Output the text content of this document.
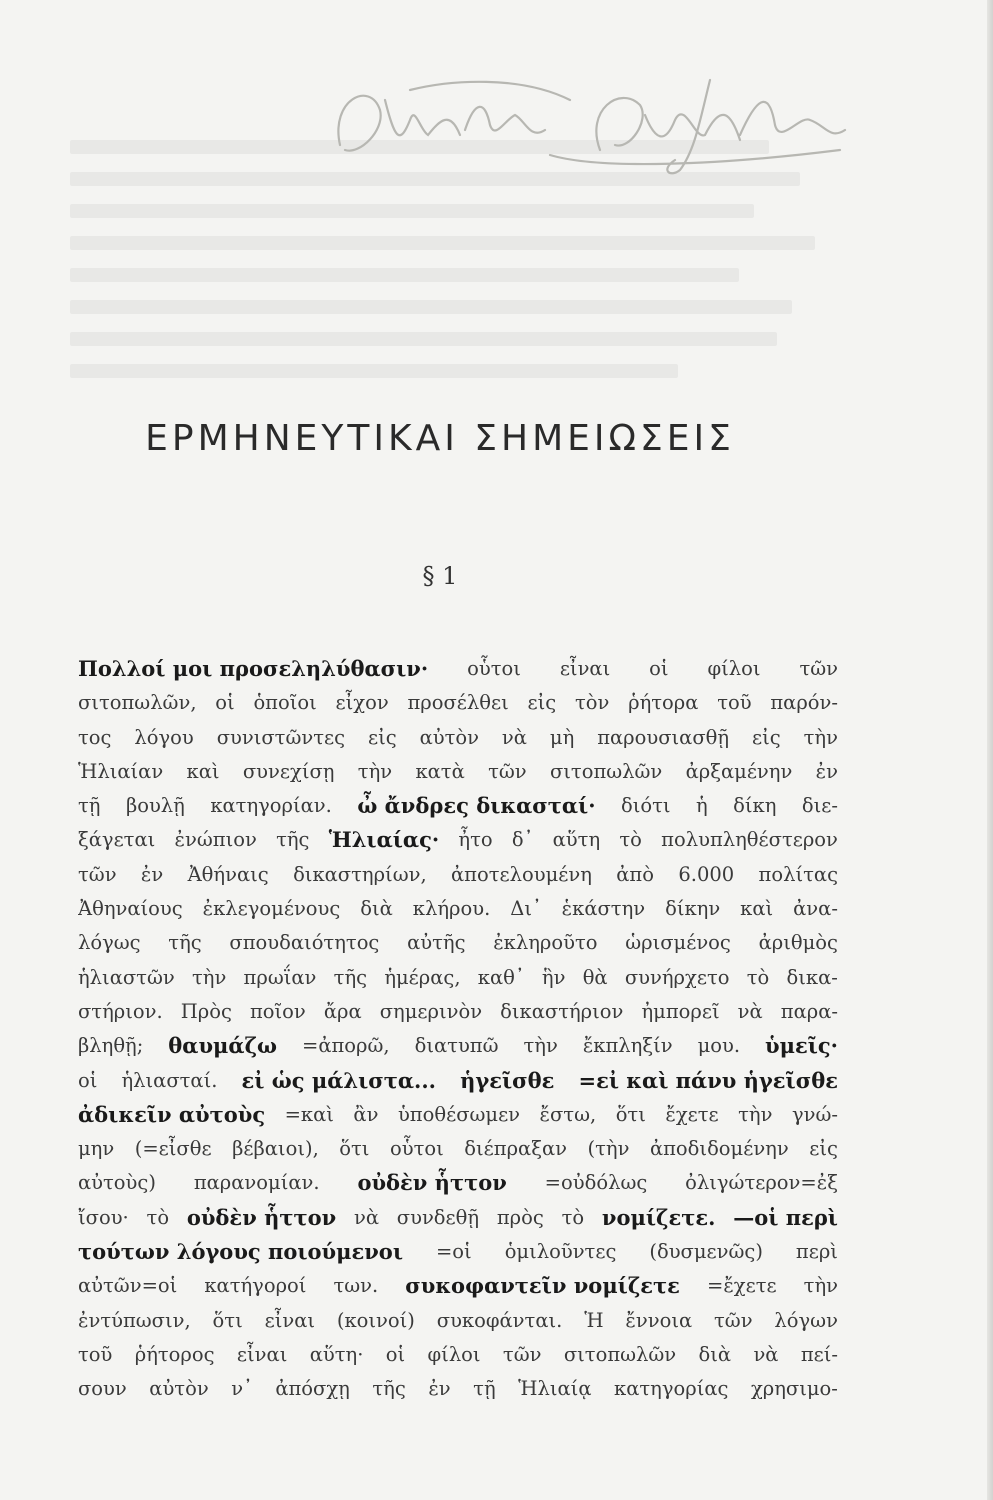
ΕΡΜΗΝΕΥΤΙΚΑΙ ΣΗΜΕΙΩΣΕΙΣ
§ 1
Πολλοί μοι προσεληλύθασιν· οὗτοι εἶναι οἱ φίλοι τῶν
σιτοπωλῶν, οἱ ὁποῖοι εἶχον προσέλθει εἰς τὸν ῥήτορα τοῦ παρόν-
τος λόγου συνιστῶντες εἰς αὐτὸν νὰ μὴ παρουσιασθῇ εἰς τὴν
Ἡλιαίαν καὶ συνεχίσῃ τὴν κατὰ τῶν σιτοπωλῶν ἀρξαμένην ἐν
τῇ βουλῇ κατηγορίαν. ὦ ἄνδρες δικασταί· διότι ἡ δίκη διε-
ξάγεται ἐνώπιον τῆς Ἡλιαίας· ἦτο δ᾿ αὕτη τὸ πολυπληθέστερον
τῶν ἐν Ἀθήναις δικαστηρίων, ἀποτελουμένη ἀπὸ 6.000 πολίτας
Ἀθηναίους ἐκλεγομένους διὰ κλήρου. Δι᾿ ἑκάστην δίκην καὶ ἀνα-
λόγως τῆς σπουδαιότητος αὐτῆς ἐκληροῦτο ὡρισμένος ἀριθμὸς
ἡλιαστῶν τὴν πρωΐαν τῆς ἡμέρας, καθ᾿ ἣν θὰ συνήρχετο τὸ δικα-
στήριον. Πρὸς ποῖον ἄρα σημερινὸν δικαστήριον ἠμπορεῖ νὰ παρα-
βληθῇ; θαυμάζω =ἀπορῶ, διατυπῶ τὴν ἔκπληξίν μου. ὑμεῖς·
οἱ ἡλιασταί. εἰ ὡς μάλιστα... ἡγεῖσθε =εἰ καὶ πάνυ ἡγεῖσθε
ἀδικεῖν αὐτοὺς =καὶ ἂν ὑποθέσωμεν ἔστω, ὅτι ἔχετε τὴν γνώ-
μην (=εἶσθε βέβαιοι), ὅτι οὗτοι διέπραξαν (τὴν ἀποδιδομένην εἰς
αὐτοὺς) παρανομίαν. οὐδὲν ἧττον =οὐδόλως ὀλιγώτερον=ἐξ
ἴσου· τὸ οὐδὲν ἧττον νὰ συνδεθῇ πρὸς τὸ νομίζετε. —οἱ περὶ
τούτων λόγους ποιούμενοι =οἱ ὁμιλοῦντες (δυσμενῶς) περὶ
αὐτῶν=οἱ κατήγοροί των. συκοφαντεῖν νομίζετε =ἔχετε τὴν
ἐντύπωσιν, ὅτι εἶναι (κοινοί) συκοφάνται. Ἡ ἔννοια τῶν λόγων
τοῦ ῥήτορος εἶναι αὕτη· οἱ φίλοι τῶν σιτοπωλῶν διὰ νὰ πεί-
σουν αὐτὸν ν᾿ ἀπόσχῃ τῆς ἐν τῇ Ἡλιαίᾳ κατηγορίας χρησιμο-
